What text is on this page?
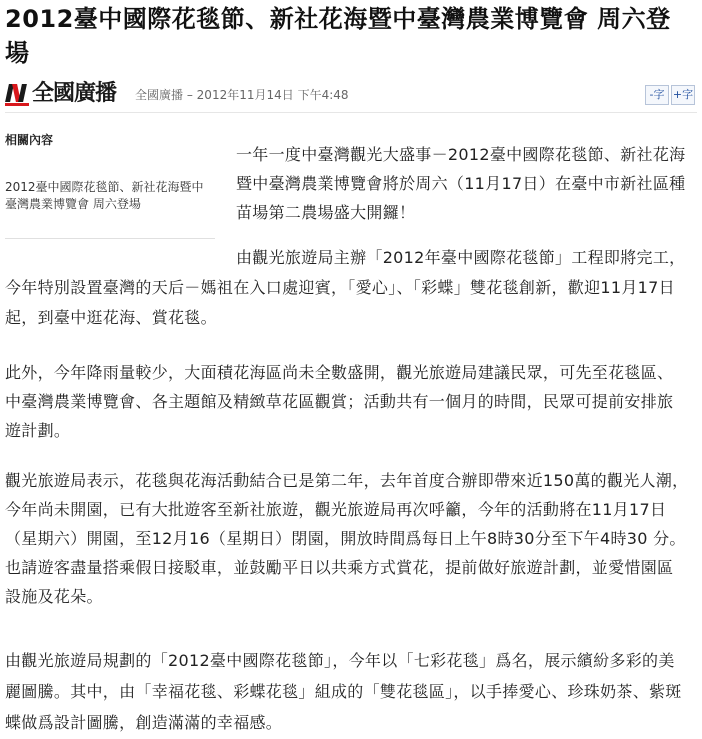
2012臺中國際花毯節、新社花海暨中臺灣農業博覽會 周六登場
全國廣播 全國廣播 – 2012年11月14日 下午4:48	-字 +字

相關內容

2012臺中國際花毯節、新社花海暨中臺灣農業博覽會 周六登場

一年一度中臺灣觀光大盛事－2012臺中國際花毯節、新社花海暨中臺灣農業博覽會將於周六（11月17日）在臺中市新社區種苗場第二農場盛大開鑼！

由觀光旅遊局主辦「2012年臺中國際花毯節」工程即將完工，今年特別設置臺灣的天后－媽祖在入口處迎賓，「愛心」、「彩蝶」雙花毯創新，歡迎11月17日起，到臺中逛花海、賞花毯。

此外，今年降雨量較少，大面積花海區尚未全數盛開，觀光旅遊局建議民眾，可先至花毯區、中臺灣農業博覽會、各主題館及精緻草花區觀賞；活動共有一個月的時間，民眾可提前安排旅遊計劃。

觀光旅遊局表示，花毯與花海活動結合已是第二年，去年首度合辦即帶來近150萬的觀光人潮，今年尚未開園，已有大批遊客至新社旅遊，觀光旅遊局再次呼籲，今年的活動將在11月17日（星期六）開園，至12月16（星期日）閉園，開放時間爲每日上午8時30分至下午4時30 分。也請遊客盡量搭乘假日接駁車，並鼓勵平日以共乘方式賞花，提前做好旅遊計劃，並愛惜園區設施及花朵。

由觀光旅遊局規劃的「2012臺中國際花毯節」，今年以「七彩花毯」爲名，展示繽紛多彩的美麗圖騰。其中，由「幸福花毯、彩蝶花毯」組成的「雙花毯區」，以手捧愛心、珍珠奶茶、紫斑蝶做爲設計圖騰，創造滿滿的幸福感。
